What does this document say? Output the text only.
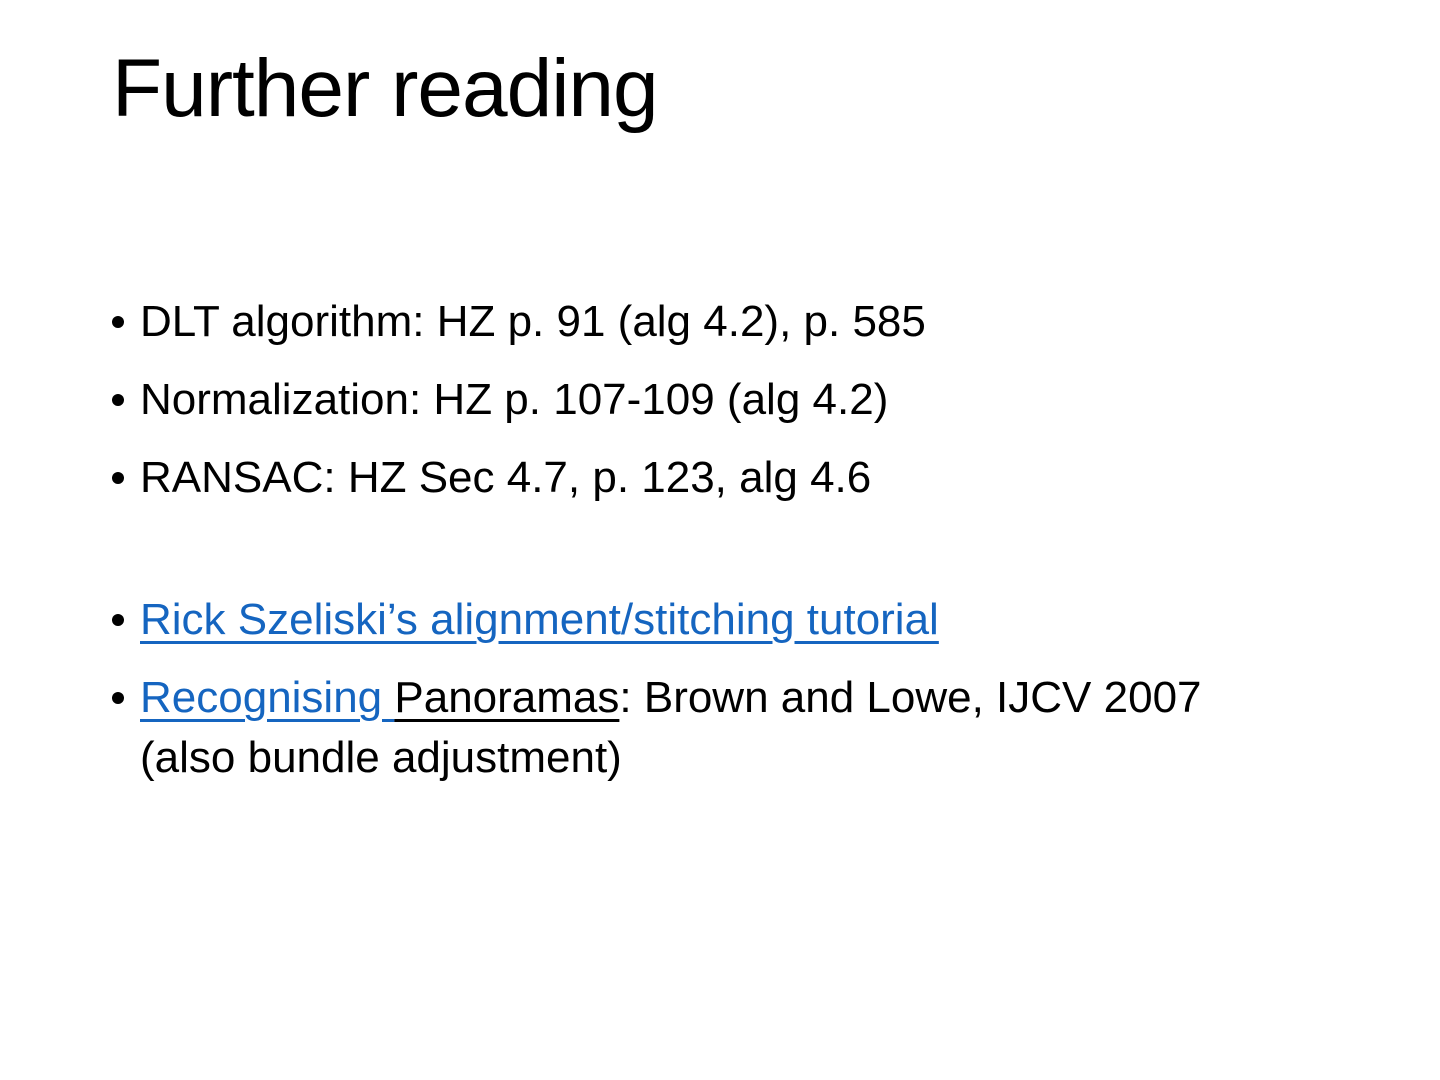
Further reading
DLT algorithm: HZ p. 91 (alg 4.2), p. 585
Normalization: HZ p. 107-109 (alg 4.2)
RANSAC: HZ Sec 4.7, p. 123, alg 4.6
Rick Szeliski’s alignment/stitching tutorial
Recognising Panoramas: Brown and Lowe, IJCV 2007
(also bundle adjustment)
